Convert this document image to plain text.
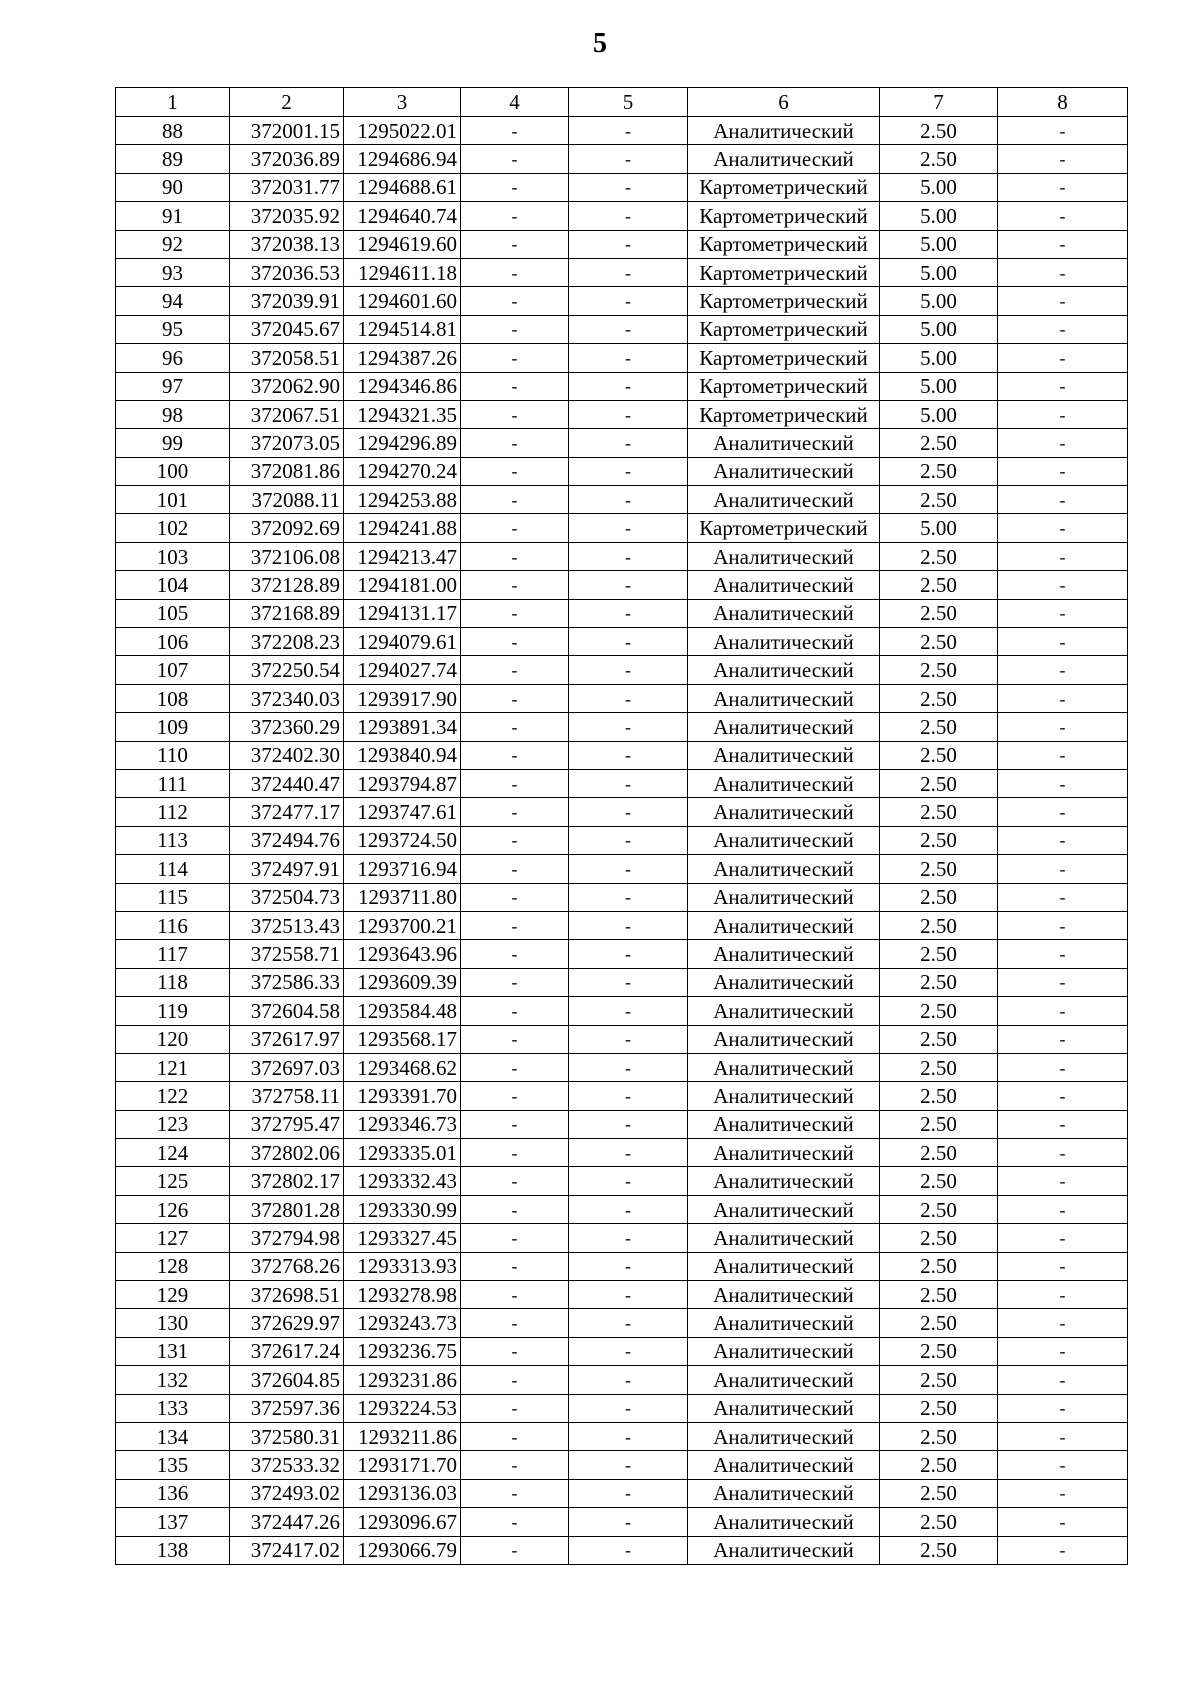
5
1	2	3	4	5	6	7	8
88	372001.15	1295022.01	-	-	Аналитический	2.50	-
89	372036.89	1294686.94	-	-	Аналитический	2.50	-
90	372031.77	1294688.61	-	-	Картометрический	5.00	-
91	372035.92	1294640.74	-	-	Картометрический	5.00	-
92	372038.13	1294619.60	-	-	Картометрический	5.00	-
93	372036.53	1294611.18	-	-	Картометрический	5.00	-
94	372039.91	1294601.60	-	-	Картометрический	5.00	-
95	372045.67	1294514.81	-	-	Картометрический	5.00	-
96	372058.51	1294387.26	-	-	Картометрический	5.00	-
97	372062.90	1294346.86	-	-	Картометрический	5.00	-
98	372067.51	1294321.35	-	-	Картометрический	5.00	-
99	372073.05	1294296.89	-	-	Аналитический	2.50	-
100	372081.86	1294270.24	-	-	Аналитический	2.50	-
101	372088.11	1294253.88	-	-	Аналитический	2.50	-
102	372092.69	1294241.88	-	-	Картометрический	5.00	-
103	372106.08	1294213.47	-	-	Аналитический	2.50	-
104	372128.89	1294181.00	-	-	Аналитический	2.50	-
105	372168.89	1294131.17	-	-	Аналитический	2.50	-
106	372208.23	1294079.61	-	-	Аналитический	2.50	-
107	372250.54	1294027.74	-	-	Аналитический	2.50	-
108	372340.03	1293917.90	-	-	Аналитический	2.50	-
109	372360.29	1293891.34	-	-	Аналитический	2.50	-
110	372402.30	1293840.94	-	-	Аналитический	2.50	-
111	372440.47	1293794.87	-	-	Аналитический	2.50	-
112	372477.17	1293747.61	-	-	Аналитический	2.50	-
113	372494.76	1293724.50	-	-	Аналитический	2.50	-
114	372497.91	1293716.94	-	-	Аналитический	2.50	-
115	372504.73	1293711.80	-	-	Аналитический	2.50	-
116	372513.43	1293700.21	-	-	Аналитический	2.50	-
117	372558.71	1293643.96	-	-	Аналитический	2.50	-
118	372586.33	1293609.39	-	-	Аналитический	2.50	-
119	372604.58	1293584.48	-	-	Аналитический	2.50	-
120	372617.97	1293568.17	-	-	Аналитический	2.50	-
121	372697.03	1293468.62	-	-	Аналитический	2.50	-
122	372758.11	1293391.70	-	-	Аналитический	2.50	-
123	372795.47	1293346.73	-	-	Аналитический	2.50	-
124	372802.06	1293335.01	-	-	Аналитический	2.50	-
125	372802.17	1293332.43	-	-	Аналитический	2.50	-
126	372801.28	1293330.99	-	-	Аналитический	2.50	-
127	372794.98	1293327.45	-	-	Аналитический	2.50	-
128	372768.26	1293313.93	-	-	Аналитический	2.50	-
129	372698.51	1293278.98	-	-	Аналитический	2.50	-
130	372629.97	1293243.73	-	-	Аналитический	2.50	-
131	372617.24	1293236.75	-	-	Аналитический	2.50	-
132	372604.85	1293231.86	-	-	Аналитический	2.50	-
133	372597.36	1293224.53	-	-	Аналитический	2.50	-
134	372580.31	1293211.86	-	-	Аналитический	2.50	-
135	372533.32	1293171.70	-	-	Аналитический	2.50	-
136	372493.02	1293136.03	-	-	Аналитический	2.50	-
137	372447.26	1293096.67	-	-	Аналитический	2.50	-
138	372417.02	1293066.79	-	-	Аналитический	2.50	-
